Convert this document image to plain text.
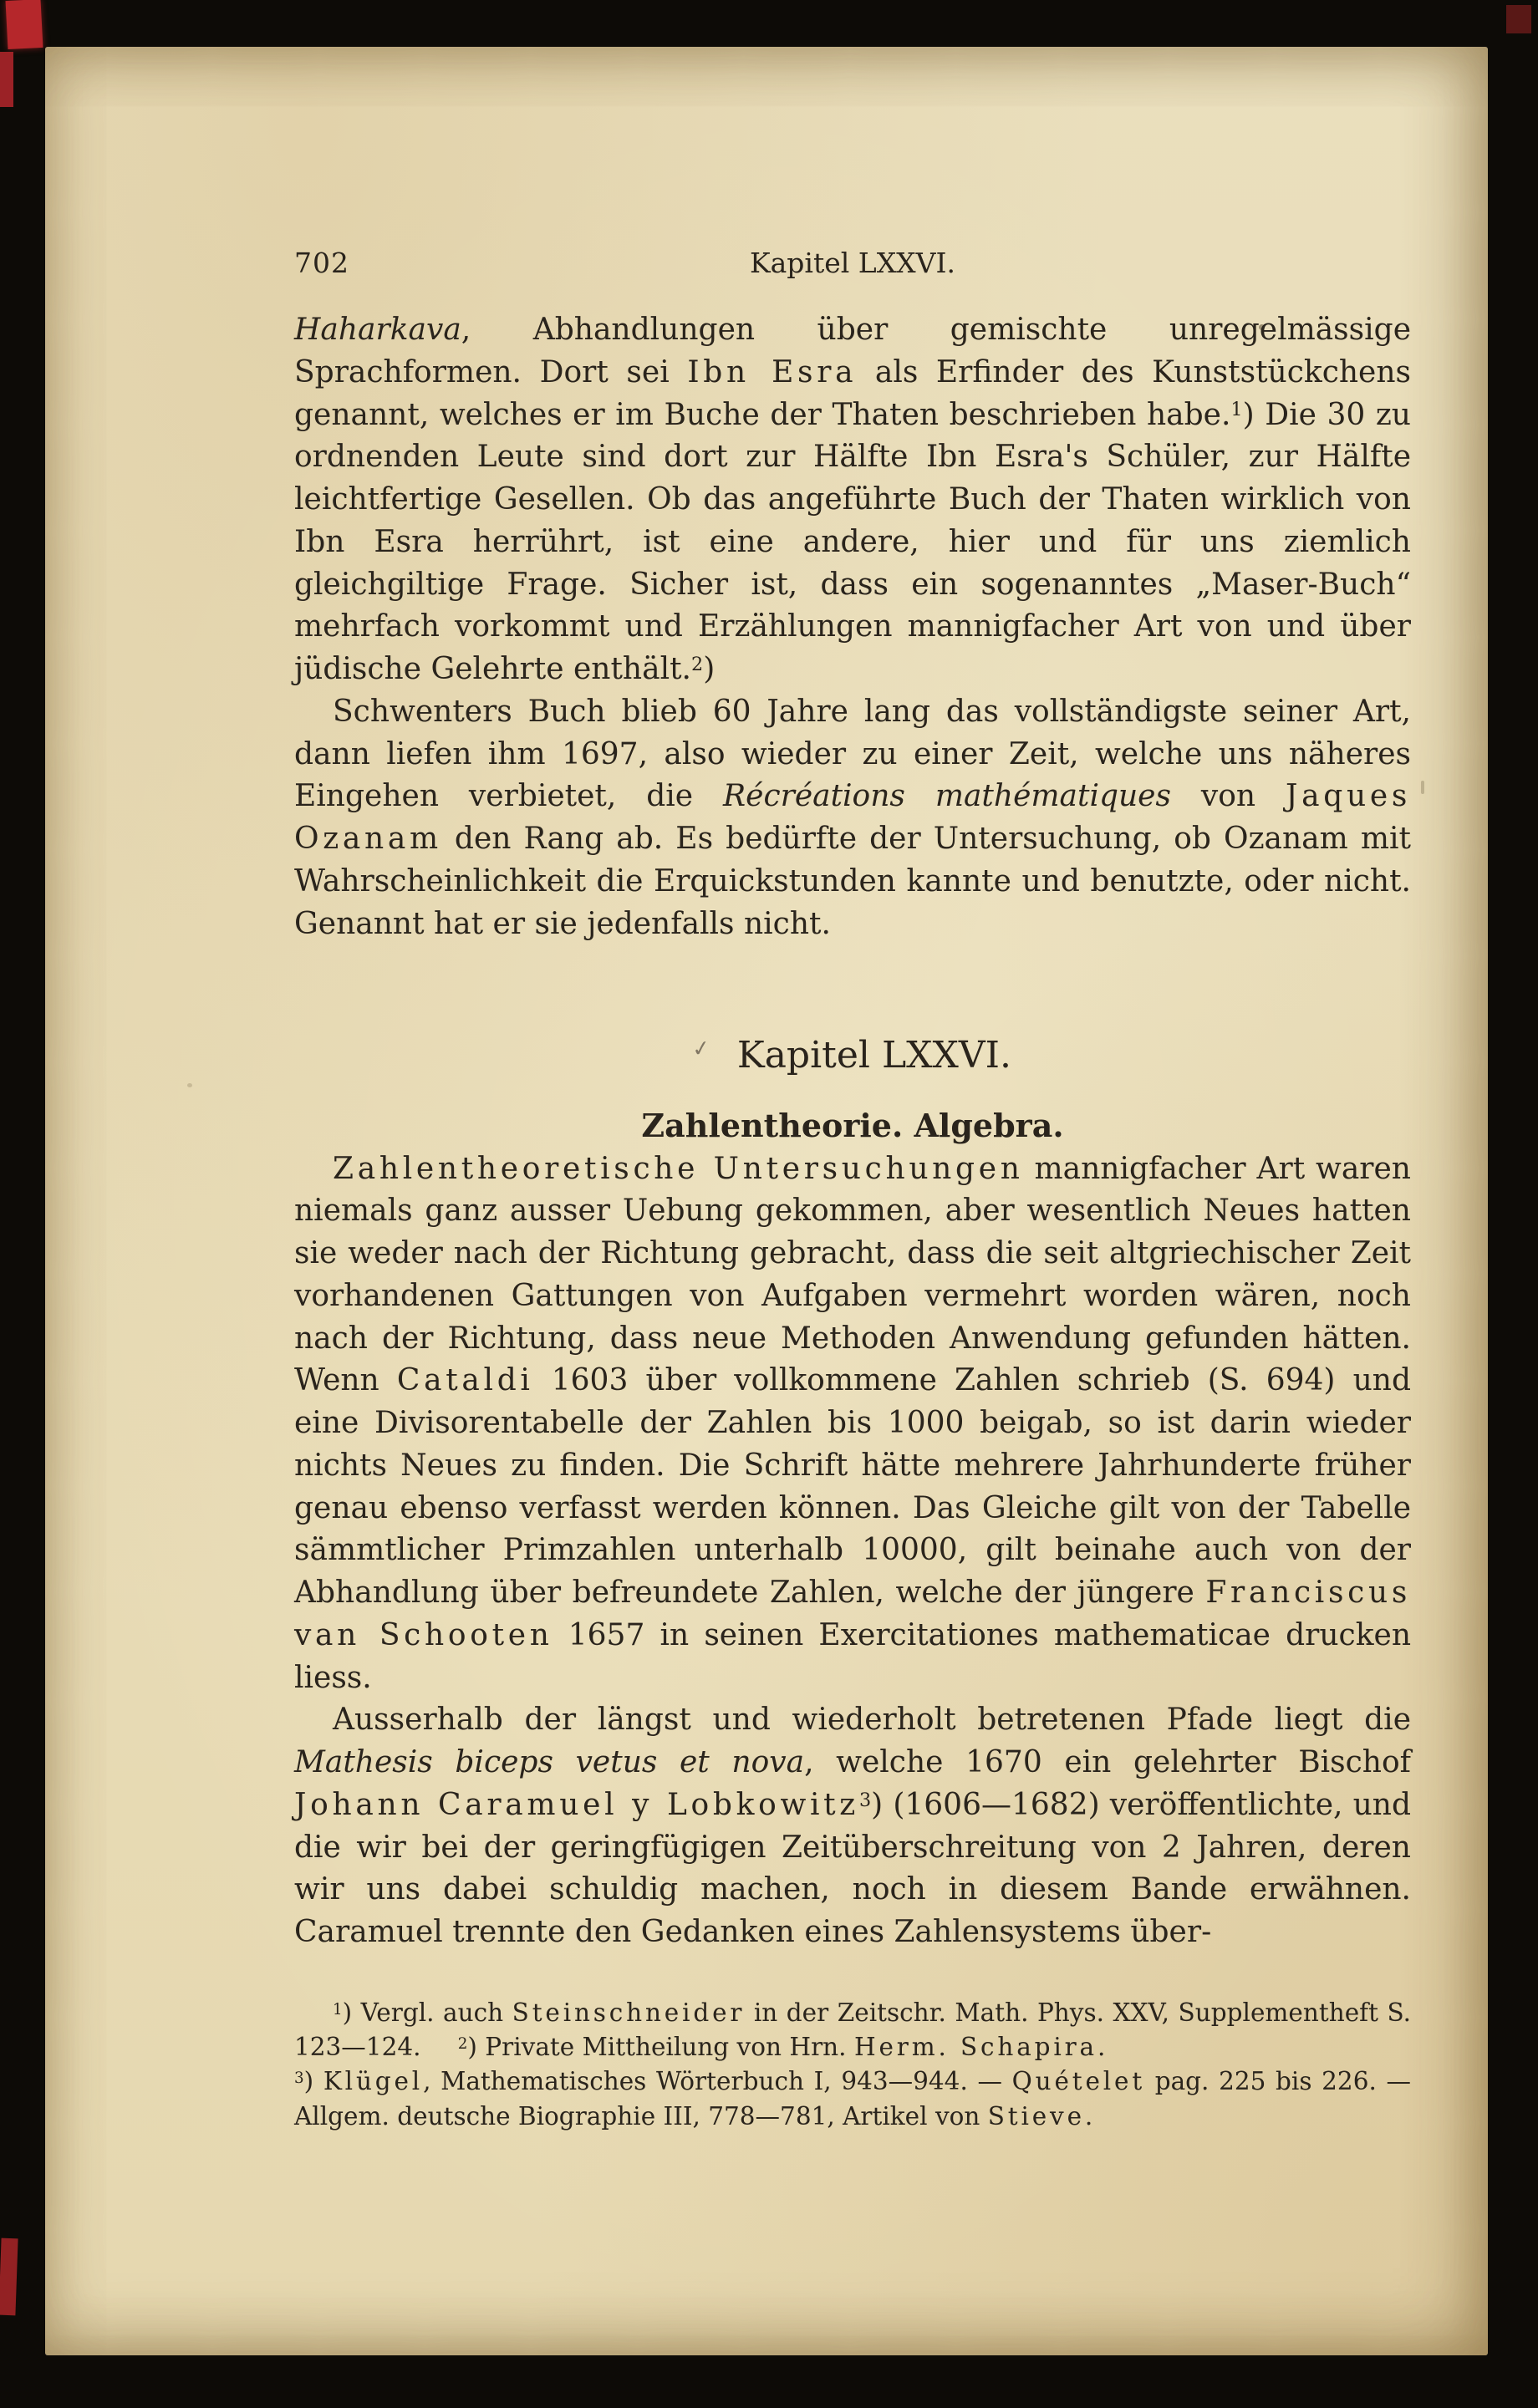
702	Kapitel LXXVI.

Haharkava, Abhandlungen über gemischte unregelmässige Sprachformen. Dort sei Ibn Esra als Erfinder des Kunststückchens genannt, welches er im Buche der Thaten beschrieben habe.$^1$) Die 30 zu ordnenden Leute sind dort zur Hälfte Ibn Esra's Schüler, zur Hälfte leichtfertige Gesellen. Ob das angeführte Buch der Thaten wirklich von Ibn Esra herrührt, ist eine andere, hier und für uns ziemlich gleichgiltige Frage. Sicher ist, dass ein sogenanntes „Maser-Buch“ mehrfach vorkommt und Erzählungen mannigfacher Art von und über jüdische Gelehrte enthält.$^2$)

Schwenters Buch blieb 60 Jahre lang das vollständigste seiner Art, dann liefen ihm 1697, also wieder zu einer Zeit, welche uns näheres Eingehen verbietet, die Récréations mathématiques von Jaques Ozanam den Rang ab. Es bedürfte der Untersuchung, ob Ozanam mit Wahrscheinlichkeit die Erquickstunden kannte und benutzte, oder nicht. Genannt hat er sie jedenfalls nicht.

✓ Kapitel LXXVI.

Zahlentheorie. Algebra.

Zahlentheoretische Untersuchungen mannigfacher Art waren niemals ganz ausser Uebung gekommen, aber wesentlich Neues hatten sie weder nach der Richtung gebracht, dass die seit altgriechischer Zeit vorhandenen Gattungen von Aufgaben vermehrt worden wären, noch nach der Richtung, dass neue Methoden Anwendung gefunden hätten. Wenn Cataldi 1603 über vollkommene Zahlen schrieb (S. 694) und eine Divisorentabelle der Zahlen bis 1000 beigab, so ist darin wieder nichts Neues zu finden. Die Schrift hätte mehrere Jahrhunderte früher genau ebenso verfasst werden können. Das Gleiche gilt von der Tabelle sämmtlicher Primzahlen unterhalb 10000, gilt beinahe auch von der Abhandlung über befreundete Zahlen, welche der jüngere Franciscus van Schooten 1657 in seinen Exercitationes mathematicae drucken liess.

Ausserhalb der längst und wiederholt betretenen Pfade liegt die Mathesis biceps vetus et nova, welche 1670 ein gelehrter Bischof Johann Caramuel y Lobkowitz$^3$) (1606—1682) veröffentlichte, und die wir bei der geringfügigen Zeitüberschreitung von 2 Jahren, deren wir uns dabei schuldig machen, noch in diesem Bande erwähnen. Caramuel trennte den Gedanken eines Zahlensystems über-

$^1$) Vergl. auch Steinschneider in der Zeitschr. Math. Phys. XXV, Supplementheft S. 123—124.  $^2$) Private Mittheilung von Hrn. Herm. Schapira.

$^3$) Klügel, Mathematisches Wörterbuch I, 943—944. — Quételet pag. 225 bis 226. — Allgem. deutsche Biographie III, 778—781, Artikel von Stieve.
